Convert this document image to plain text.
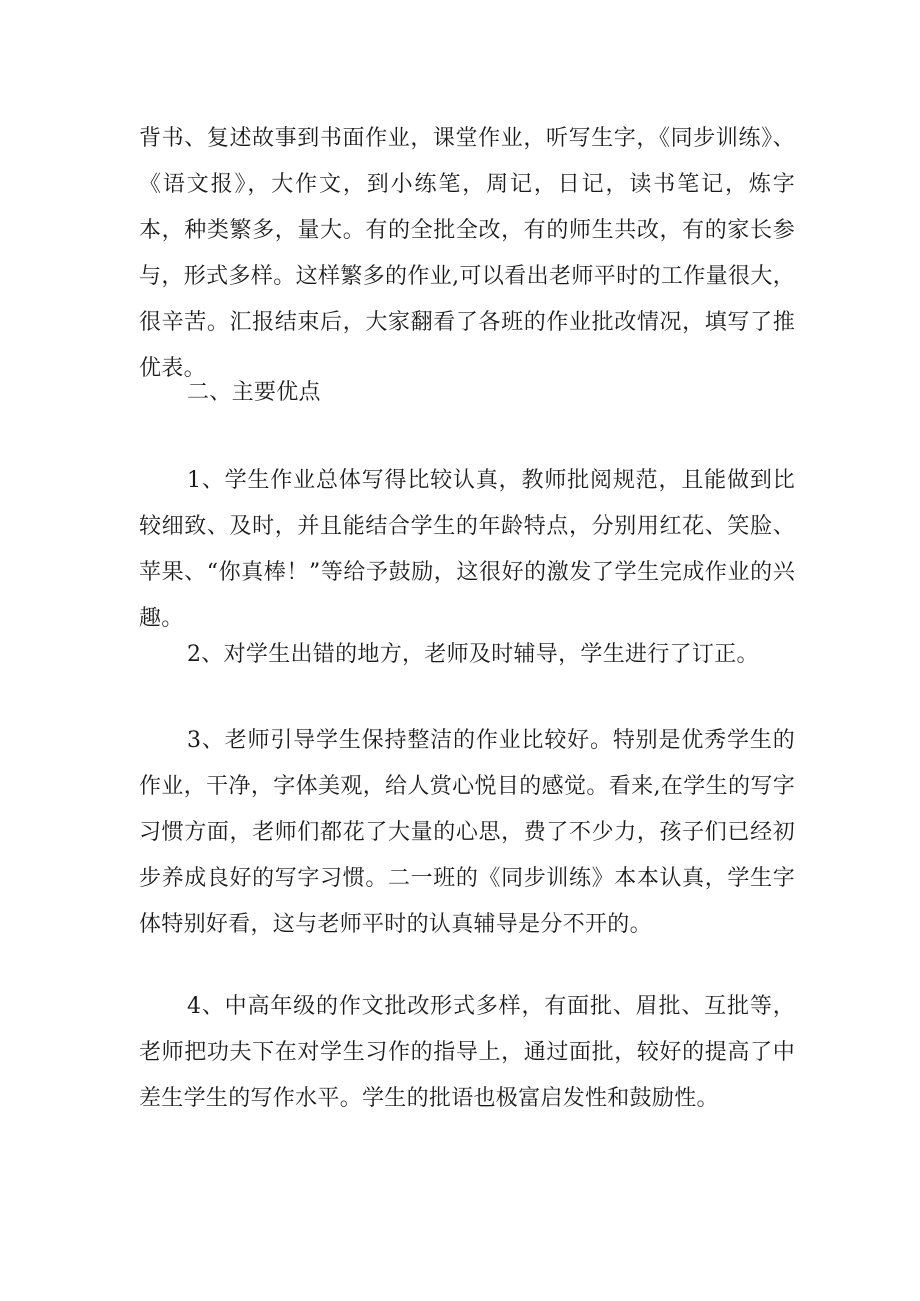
背书、复述故事到书面作业，课堂作业，听写生字，《同步训练》、《语文报》，大作文，到小练笔，周记，日记，读书笔记，炼字本，种类繁多，量大。有的全批全改，有的师生共改，有的家长参与，形式多样。这样繁多的作业,可以看出老师平时的工作量很大，很辛苦。汇报结束后，大家翻看了各班的作业批改情况，填写了推优表。

二、主要优点

1、学生作业总体写得比较认真，教师批阅规范，且能做到比较细致、及时，并且能结合学生的年龄特点，分别用红花、笑脸、苹果、“你真棒！”等给予鼓励，这很好的激发了学生完成作业的兴趣。

2、对学生出错的地方，老师及时辅导，学生进行了订正。

3、老师引导学生保持整洁的作业比较好。特别是优秀学生的作业，干净，字体美观，给人赏心悦目的感觉。看来,在学生的写字习惯方面，老师们都花了大量的心思，费了不少力，孩子们已经初步养成良好的写字习惯。二一班的《同步训练》本本认真，学生字体特别好看，这与老师平时的认真辅导是分不开的。

4、中高年级的作文批改形式多样，有面批、眉批、互批等，老师把功夫下在对学生习作的指导上，通过面批，较好的提高了中差生学生的写作水平。学生的批语也极富启发性和鼓励性。
